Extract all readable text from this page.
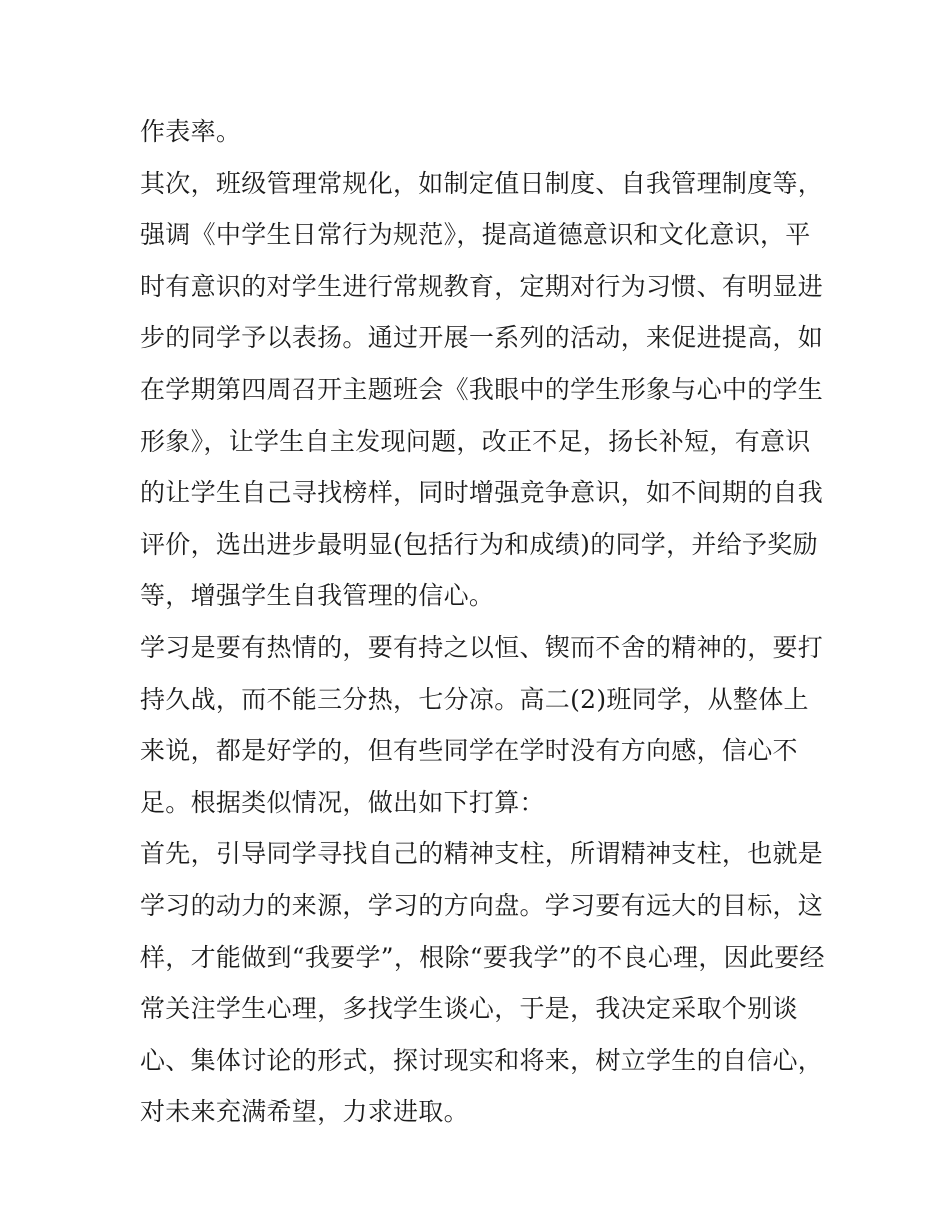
作表率。
其次，班级管理常规化，如制定值日制度、自我管理制度等，
强调《中学生日常行为规范》，提高道德意识和文化意识，平
时有意识的对学生进行常规教育，定期对行为习惯、有明显进
步的同学予以表扬。通过开展一系列的活动，来促进提高，如
在学期第四周召开主题班会《我眼中的学生形象与心中的学生
形象》，让学生自主发现问题，改正不足，扬长补短，有意识
的让学生自己寻找榜样，同时增强竞争意识，如不间期的自我
评价，选出进步最明显(包括行为和成绩)的同学，并给予奖励
等，增强学生自我管理的信心。
学习是要有热情的，要有持之以恒、锲而不舍的精神的，要打
持久战，而不能三分热，七分凉。高二(2)班同学，从整体上
来说，都是好学的，但有些同学在学时没有方向感，信心不
足。根据类似情况，做出如下打算：
首先，引导同学寻找自己的精神支柱，所谓精神支柱，也就是
学习的动力的来源，学习的方向盘。学习要有远大的目标，这
样，才能做到“我要学”，根除“要我学”的不良心理，因此要经
常关注学生心理，多找学生谈心，于是，我决定采取个别谈
心、集体讨论的形式，探讨现实和将来，树立学生的自信心，
对未来充满希望，力求进取。
